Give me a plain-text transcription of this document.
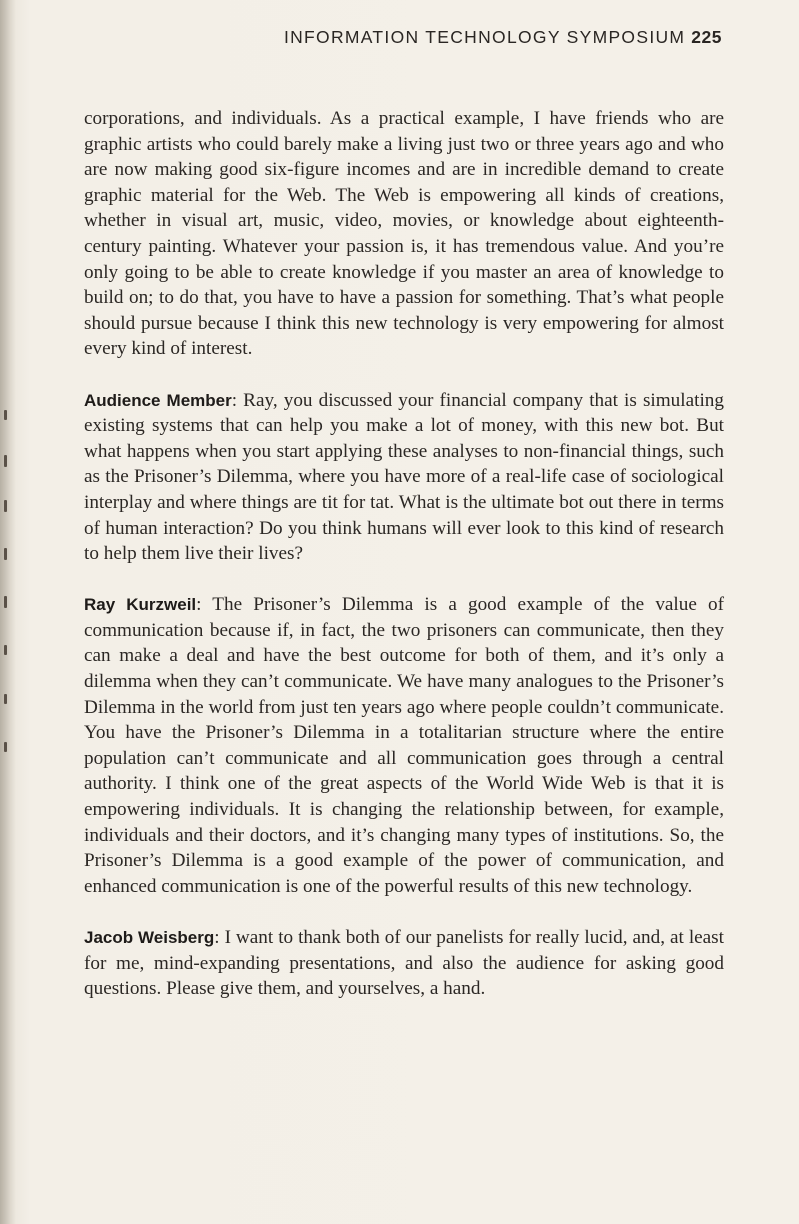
INFORMATION TECHNOLOGY SYMPOSIUM 225

corporations, and individuals. As a practical example, I have friends who are graphic artists who could barely make a living just two or three years ago and who are now making good six-figure incomes and are in incredible demand to create graphic material for the Web. The Web is empowering all kinds of creations, whether in visual art, music, video, movies, or knowledge about eighteenth-century painting. Whatever your passion is, it has tremendous value. And you’re only going to be able to create knowledge if you master an area of knowledge to build on; to do that, you have to have a passion for something. That’s what people should pursue because I think this new technology is very empowering for almost every kind of interest.

Audience Member: Ray, you discussed your financial company that is simulating existing systems that can help you make a lot of money, with this new bot. But what happens when you start applying these analyses to non-financial things, such as the Prisoner’s Dilemma, where you have more of a real-life case of sociological interplay and where things are tit for tat. What is the ultimate bot out there in terms of human interaction? Do you think humans will ever look to this kind of research to help them live their lives?

Ray Kurzweil: The Prisoner’s Dilemma is a good example of the value of communication because if, in fact, the two prisoners can communicate, then they can make a deal and have the best outcome for both of them, and it’s only a dilemma when they can’t communicate. We have many analogues to the Prisoner’s Dilemma in the world from just ten years ago where people couldn’t communicate. You have the Prisoner’s Dilemma in a totalitarian structure where the entire population can’t communicate and all communication goes through a central authority. I think one of the great aspects of the World Wide Web is that it is empowering individuals. It is changing the relationship between, for example, individuals and their doctors, and it’s changing many types of institutions. So, the Prisoner’s Dilemma is a good example of the power of communication, and enhanced communication is one of the powerful results of this new technology.

Jacob Weisberg: I want to thank both of our panelists for really lucid, and, at least for me, mind-expanding presentations, and also the audience for asking good questions. Please give them, and yourselves, a hand.
